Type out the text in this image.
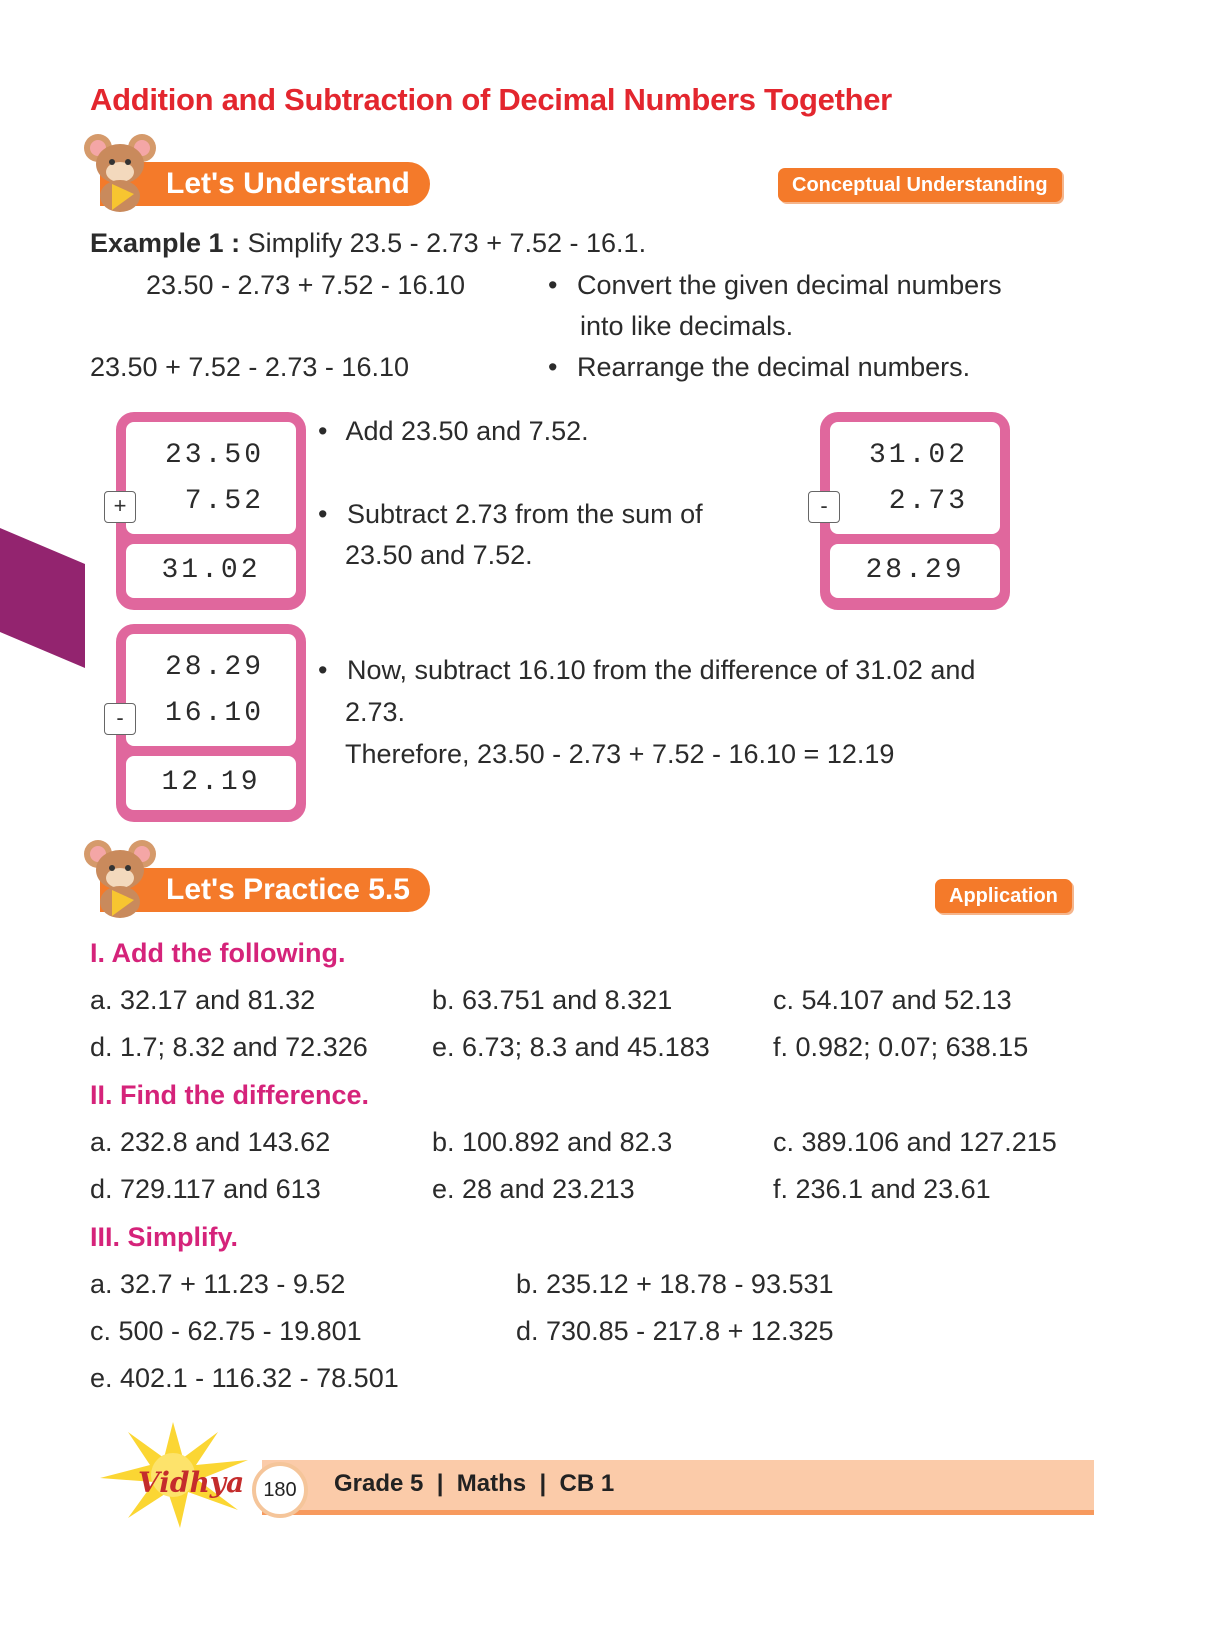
Addition and Subtraction of Decimal Numbers Together
Let's Understand	Conceptual Understanding
Example 1 : Simplify 23.5 - 2.73 + 7.52 - 16.1.
23.50 - 2.73 + 7.52 - 16.10	• Convert the given decimal numbers
into like decimals.
23.50 + 7.52 - 2.73 - 16.10	• Rearrange the decimal numbers.
23.50
7.52
31.02
+
• Add 23.50 and 7.52.
• Subtract 2.73 from the sum of
23.50 and 7.52.
31.02
2.73
28.29
-
28.29
16.10
12.19
-
• Now, subtract 16.10 from the difference of 31.02 and
2.73.
Therefore, 23.50 - 2.73 + 7.52 - 16.10 = 12.19
Let's Practice 5.5	Application
I. Add the following.
a. 32.17 and 81.32	b. 63.751 and 8.321	c. 54.107 and 52.13
d. 1.7; 8.32 and 72.326 e. 6.73; 8.3 and 45.183 f. 0.982; 0.07; 638.15
II. Find the difference.
a. 232.8 and 143.62	b. 100.892 and 82.3	c. 389.106 and 127.215
d. 729.117 and 613	e. 28 and 23.213	f. 236.1 and 23.61
III. Simplify.
a. 32.7 + 11.23 - 9.52	b. 235.12 + 18.78 - 93.531
c. 500 - 62.75 - 19.801	d. 730.85 - 217.8 + 12.325
e. 402.1 - 116.32 - 78.501
Vidhya 180	Grade 5  |  Maths  |  CB 1
